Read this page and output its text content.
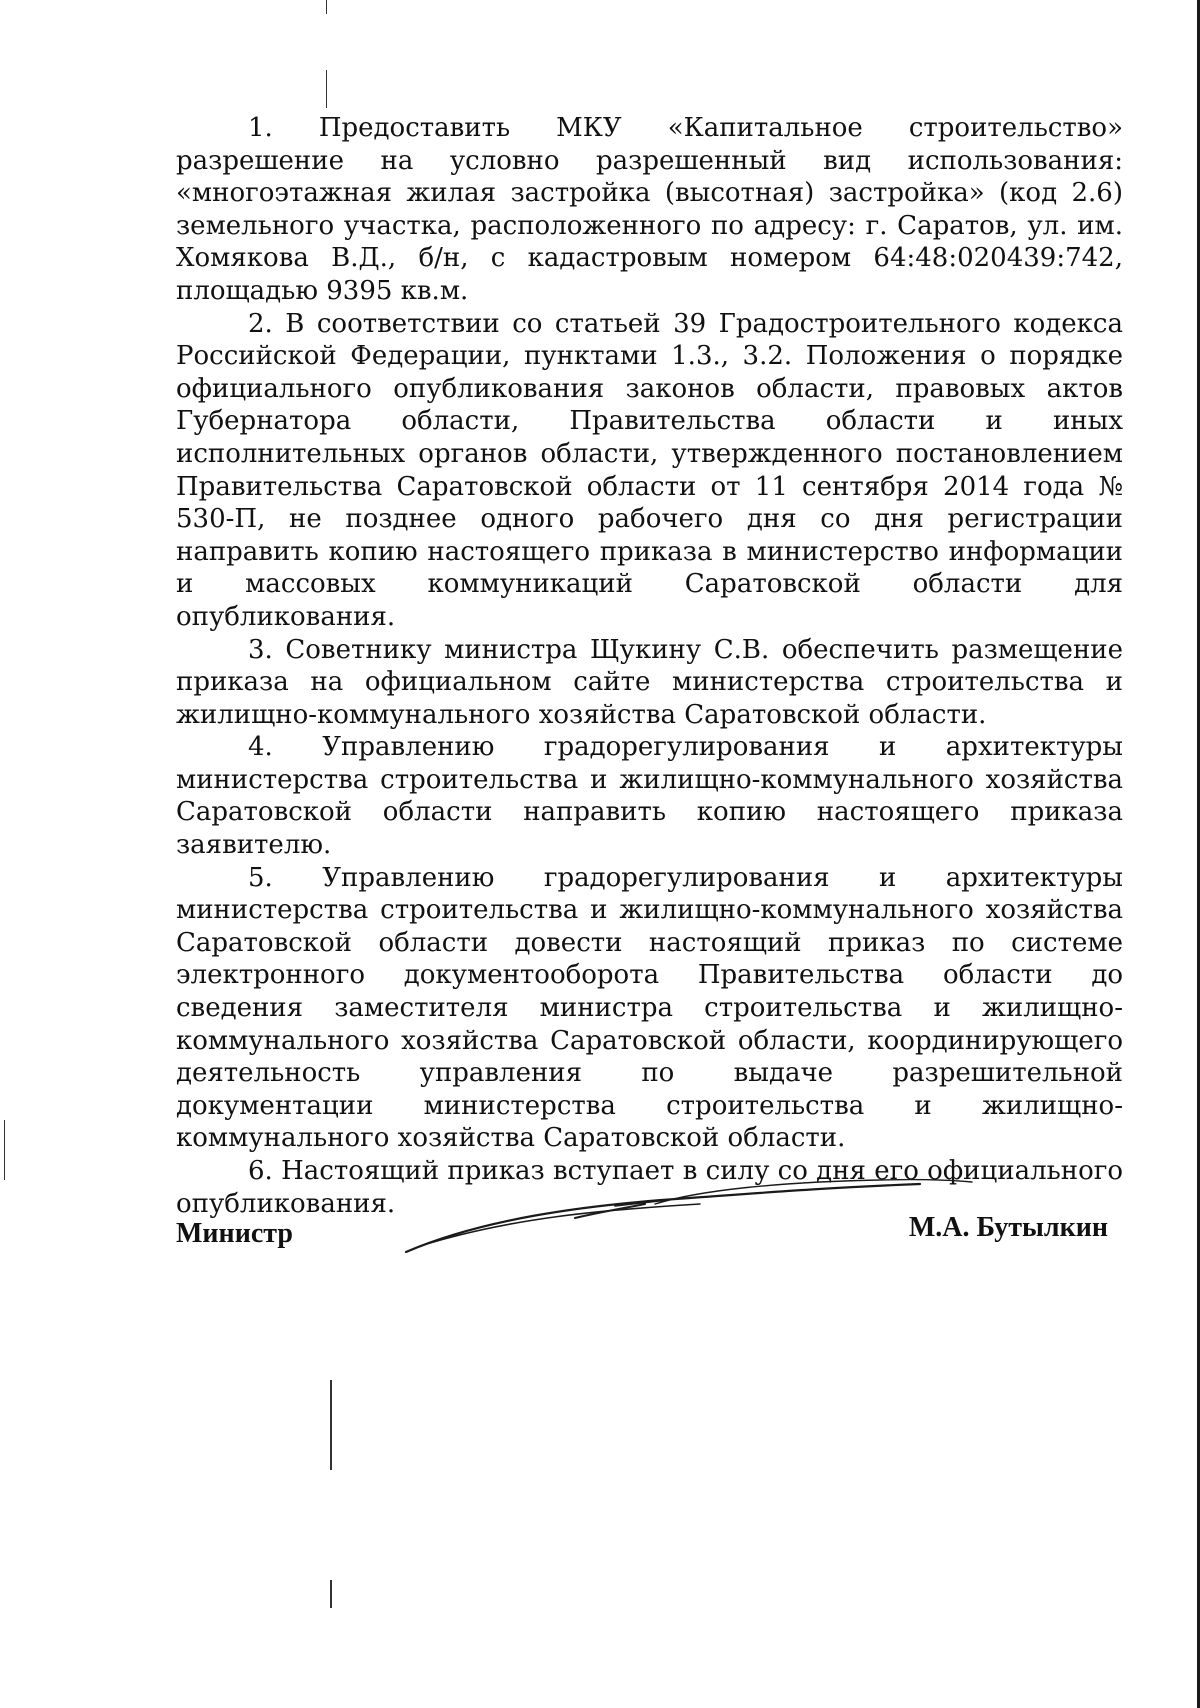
1. Предоставить МКУ «Капитальное строительство» разрешение на условно разрешенный вид использования: «многоэтажная жилая застройка (высотная) застройка» (код 2.6) земельного участка, расположенного по адресу: г. Саратов, ул. им. Хомякова В.Д., б/н, с кадастровым номером 64:48:020439:742, площадью 9395 кв.м.

2. В соответствии со статьей 39 Градостроительного кодекса Российской Федерации, пунктами 1.3., 3.2. Положения о порядке официального опубликования законов области, правовых актов Губернатора области, Правительства области и иных исполнительных органов области, утвержденного постановлением Правительства Саратовской области от 11 сентября 2014 года № 530-П, не позднее одного рабочего дня со дня регистрации направить копию настоящего приказа в министерство информации и массовых коммуникаций Саратовской области для опубликования.

3. Советнику министра Щукину С.В. обеспечить размещение приказа на официальном сайте министерства строительства и жилищно-коммунального хозяйства Саратовской области.

4. Управлению градорегулирования и архитектуры министерства строительства и жилищно-коммунального хозяйства Саратовской области направить копию настоящего приказа заявителю.

5. Управлению градорегулирования и архитектуры министерства строительства и жилищно-коммунального хозяйства Саратовской области довести настоящий приказ по системе электронного документооборота Правительства области до сведения заместителя министра строительства и жилищно-коммунального хозяйства Саратовской области, координирующего деятельность управления по выдаче разрешительной документации министерства строительства и жилищно-коммунального хозяйства Саратовской области.

6. Настоящий приказ вступает в силу со дня его официального опубликования.

Министр	М.А. Бутылкин
